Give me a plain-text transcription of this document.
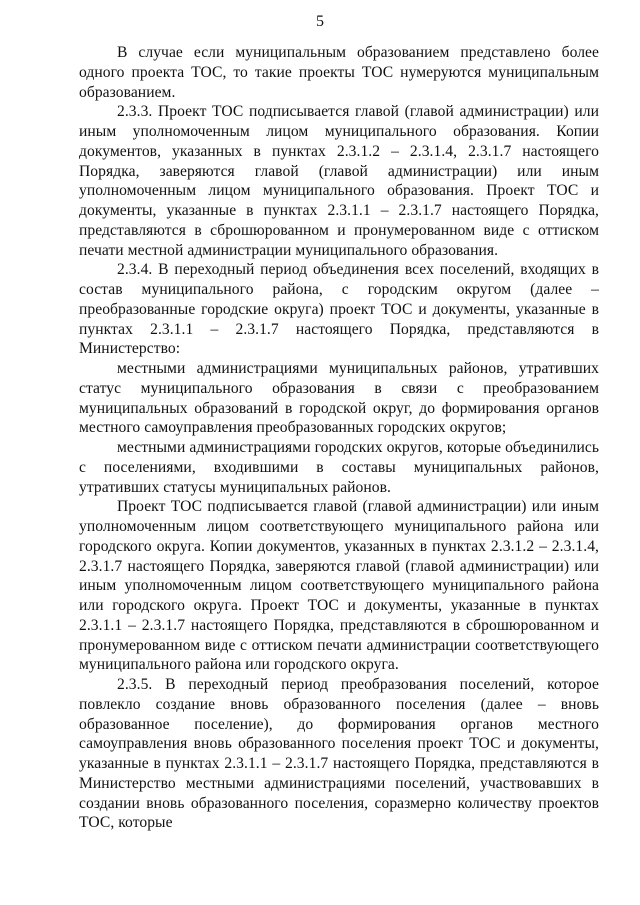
5

В случае если муниципальным образованием представлено более одного проекта ТОС, то такие проекты ТОС нумеруются муниципальным образованием.

2.3.3. Проект ТОС подписывается главой (главой администрации) или иным уполномоченным лицом муниципального образования. Копии документов, указанных в пунктах 2.3.1.2 – 2.3.1.4, 2.3.1.7 настоящего Порядка, заверяются главой (главой администрации) или иным уполномоченным лицом муниципального образования. Проект ТОС и документы, указанные в пунктах 2.3.1.1 – 2.3.1.7 настоящего Порядка, представляются в сброшюрованном и пронумерованном виде с оттиском печати местной администрации муниципального образования.

2.3.4. В переходный период объединения всех поселений, входящих в состав муниципального района, с городским округом (далее – преобразованные городские округа) проект ТОС и документы, указанные в пунктах 2.3.1.1 – 2.3.1.7 настоящего Порядка, представляются в Министерство:

местными администрациями муниципальных районов, утративших статус муниципального образования в связи с преобразованием муниципальных образований в городской округ, до формирования органов местного самоуправления преобразованных городских округов;

местными администрациями городских округов, которые объединились с поселениями, входившими в составы муниципальных районов, утративших статусы муниципальных районов.

Проект ТОС подписывается главой (главой администрации) или иным уполномоченным лицом соответствующего муниципального района или городского округа. Копии документов, указанных в пунктах 2.3.1.2 – 2.3.1.4, 2.3.1.7 настоящего Порядка, заверяются главой (главой администрации) или иным уполномоченным лицом соответствующего муниципального района или городского округа. Проект ТОС и документы, указанные в пунктах 2.3.1.1 – 2.3.1.7 настоящего Порядка, представляются в сброшюрованном и пронумерованном виде с оттиском печати администрации соответствующего муниципального района или городского округа.

2.3.5. В переходный период преобразования поселений, которое повлекло создание вновь образованного поселения (далее – вновь образованное поселение), до формирования органов местного самоуправления вновь образованного поселения проект ТОС и документы, указанные в пунктах 2.3.1.1 – 2.3.1.7 настоящего Порядка, представляются в Министерство местными администрациями поселений, участвовавших в создании вновь образованного поселения, соразмерно количеству проектов ТОС, которые
